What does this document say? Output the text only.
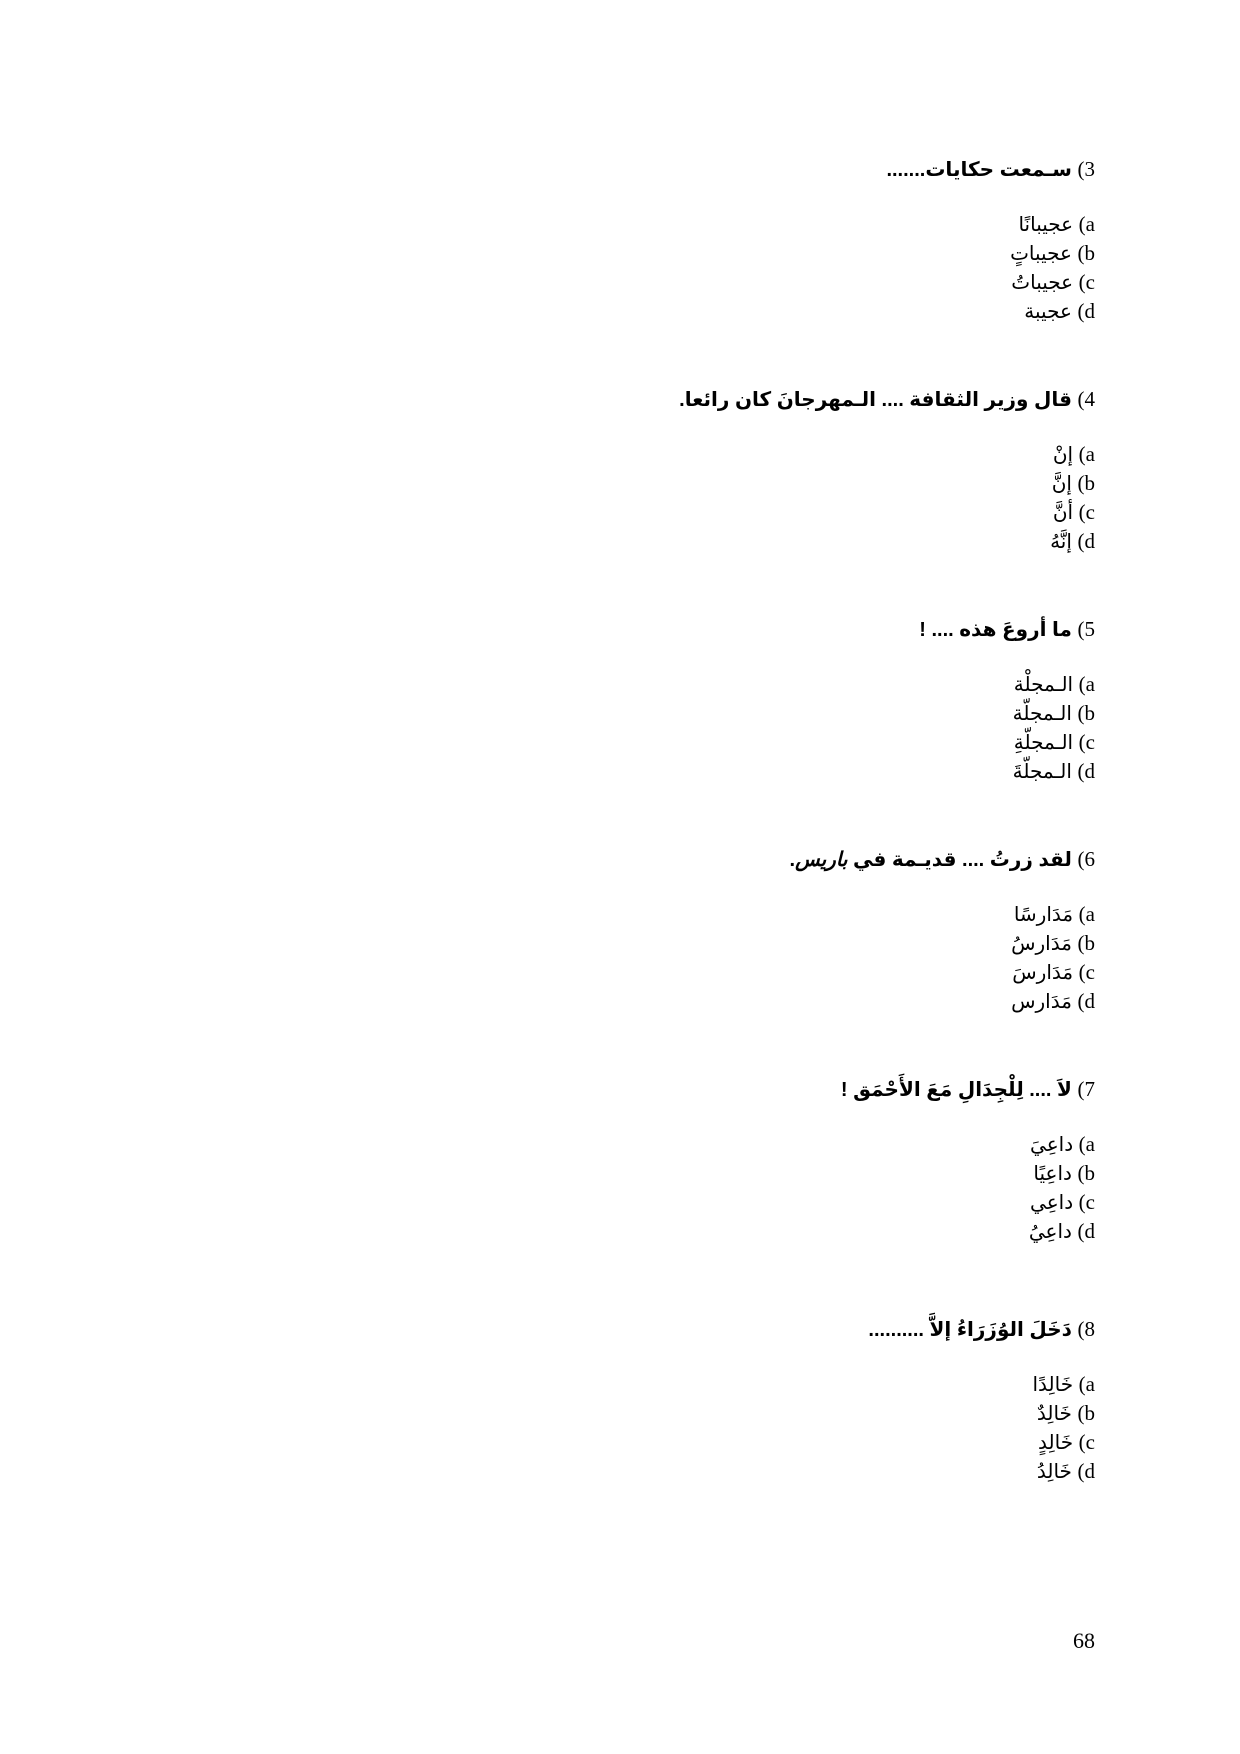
3) سـمعت حكايات.......

a) عجيبانًا
b) عجيباتٍ
c) عجيباتُ
d) عجيبة

4) قال وزير الثقافة .... الـمهرجانَ كان رائعا.

a) إنْ
b) إنَّ
c) أنَّ
d) إنَّهُ

5) ما أروعَ هذه .... !

a) الـمجلْة
b) الـمجلّة
c) الـمجلّةِ
d) الـمجلّةَ

6) لقد زرتُ .... قديـمة في باريس.

a) مَدَارسًا
b) مَدَارسُ
c) مَدَارسَ
d) مَدَارس

7) لاَ .... لِلْجِدَالِ مَعَ الأَحْمَق !

a) داعِيَ
b) داعِيًا
c) داعِي
d) داعِيُ

8) دَخَلَ الوُزَرَاءُ إلاَّ ..........

a) خَالِدًا
b) خَالِدٌ
c) خَالِدٍ
d) خَالِدُ
68
